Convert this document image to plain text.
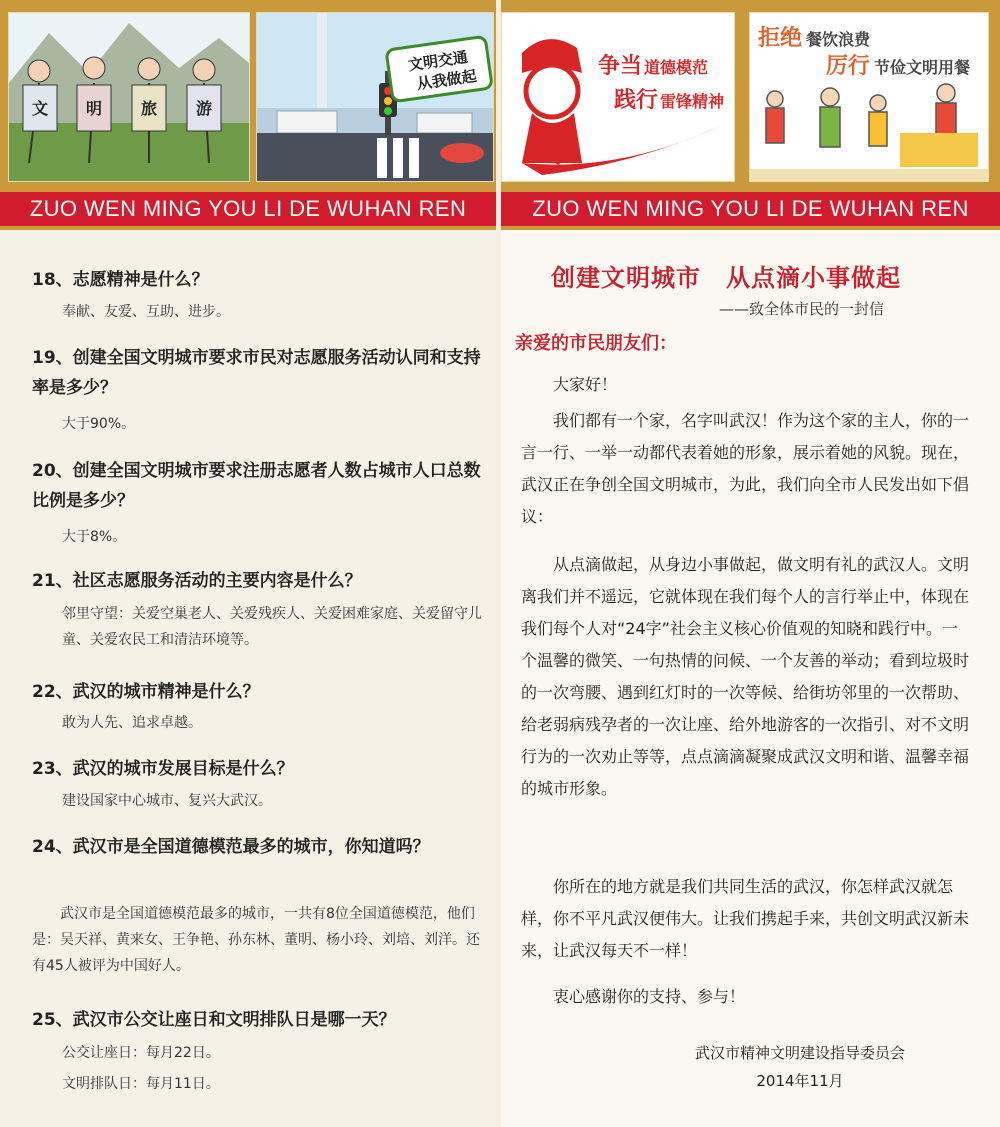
文 明 旅 游
文明交通
从我做起
ZUO WEN MING YOU LI DE WUHAN REN
18、志愿精神是什么？
奉献、友爱、互助、进步。
19、创建全国文明城市要求市民对志愿服务活动认同和支持率是多少？
大于90%。
20、创建全国文明城市要求注册志愿者人数占城市人口总数比例是多少？
大于8%。
21、社区志愿服务活动的主要内容是什么？
邻里守望：关爱空巢老人、关爱残疾人、关爱困难家庭、关爱留守儿童、关爱农民工和清洁环境等。
22、武汉的城市精神是什么？
敢为人先、追求卓越。
23、武汉的城市发展目标是什么？
建设国家中心城市、复兴大武汉。
24、武汉市是全国道德模范最多的城市，你知道吗？
武汉市是全国道德模范最多的城市，一共有8位全国道德模范，他们是：吴天祥、黄来女、王争艳、孙东林、董明、杨小玲、刘培、刘洋。还有45人被评为中国好人。
25、武汉市公交让座日和文明排队日是哪一天？
公交让座日：每月22日。
文明排队日：每月11日。
争当 道德模范
践行 雷锋精神
拒绝 餐饮浪费
厉行 节俭文明用餐
ZUO WEN MING YOU LI DE WUHAN REN
创建文明城市　从点滴小事做起
——致全体市民的一封信
亲爱的市民朋友们：
大家好！
我们都有一个家，名字叫武汉！作为这个家的主人，你的一言一行、一举一动都代表着她的形象，展示着她的风貌。现在，武汉正在争创全国文明城市，为此，我们向全市人民发出如下倡议：
从点滴做起，从身边小事做起，做文明有礼的武汉人。文明离我们并不遥远，它就体现在我们每个人的言行举止中，体现在我们每个人对“24字”社会主义核心价值观的知晓和践行中。一个温馨的微笑、一句热情的问候、一个友善的举动；看到垃圾时的一次弯腰、遇到红灯时的一次等候、给街坊邻里的一次帮助、给老弱病残孕者的一次让座、给外地游客的一次指引、对不文明行为的一次劝止等等，点点滴滴凝聚成武汉文明和谐、温馨幸福的城市形象。
你所在的地方就是我们共同生活的武汉，你怎样武汉就怎样，你不平凡武汉便伟大。让我们携起手来，共创文明武汉新未来，让武汉每天不一样！
衷心感谢你的支持、参与！
武汉市精神文明建设指导委员会
2014年11月
